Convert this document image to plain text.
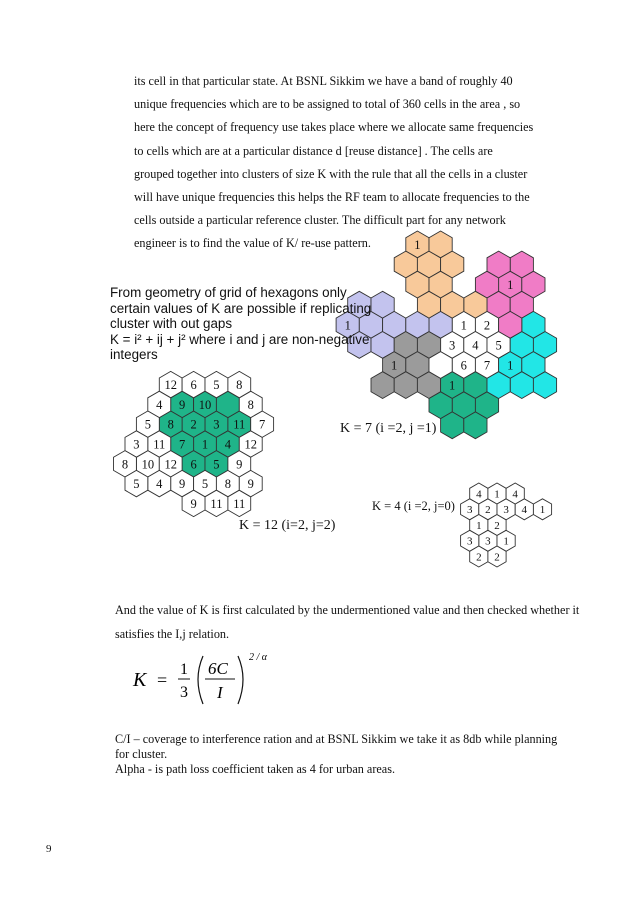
its cell in that particular state. At BSNL Sikkim we have a band of roughly 40
unique frequencies which are to be assigned to total of 360 cells in the area , so
here the concept of frequency use takes place where we allocate same frequencies
to cells which are at a particular distance d [reuse distance] . The cells are
grouped together into clusters of size K with the rule that all the cells in a cluster
will have unique frequencies this helps the RF team to allocate frequencies to the
cells outside a particular reference cluster. The difficult part for any network
engineer is to find the value of K/ re-use pattern.	1
1
1
1 2
3 4 5
6 7
1	1
1
1
3
2
7	4
6 5
9
8
10
11
12 6
4
5
11
10 12
3
9 5 8
9
12
7
8
5 8
4
11 11
9
9
8
5
4
3 2
1
1 2
3 4
3 1
3
1
4
2 2
K = 12 (i=2, j=2)
K = 7 (i =2, j =1)
K = 4 (i =2, j=0)
From geometry of grid of hexagons only
certain values of K are possible if replicating
cluster with out gaps
K = i² + ij + j² where i and j are non-negative
integers
And the value of K is first calculated by the undermentioned value and then checked whether it
satisfies the I,j relation.
K =
1
3
6C
I
2 / α
C/I – coverage to interference ration and at BSNL Sikkim we take it as 8db while planning
for cluster.
Alpha - is path loss coefficient taken as 4 for urban areas.
9
